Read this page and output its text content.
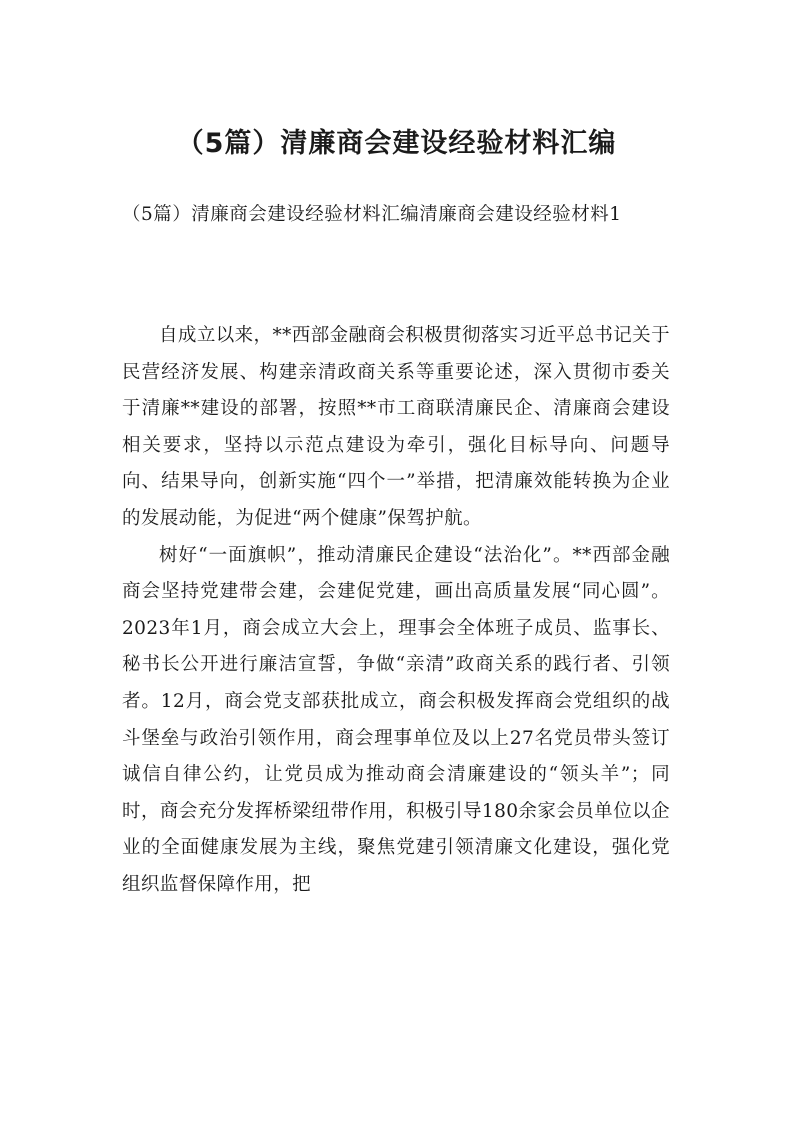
（5篇）清廉商会建设经验材料汇编

（5篇）清廉商会建设经验材料汇编清廉商会建设经验材料1

自成立以来，**西部金融商会积极贯彻落实习近平总书记关于民营经济发展、构建亲清政商关系等重要论述，深入贯彻市委关于清廉**建设的部署，按照**市工商联清廉民企、清廉商会建设相关要求，坚持以示范点建设为牵引，强化目标导向、问题导向、结果导向，创新实施“四个一”举措，把清廉效能转换为企业的发展动能，为促进“两个健康”保驾护航。

树好“一面旗帜”，推动清廉民企建设“法治化”。**西部金融商会坚持党建带会建，会建促党建，画出高质量发展“同心圆”。2023年1月，商会成立大会上，理事会全体班子成员、监事长、秘书长公开进行廉洁宣誓，争做“亲清”政商关系的践行者、引领者。12月，商会党支部获批成立，商会积极发挥商会党组织的战斗堡垒与政治引领作用，商会理事单位及以上27名党员带头签订诚信自律公约，让党员成为推动商会清廉建设的“领头羊”；同时，商会充分发挥桥梁纽带作用，积极引导180余家会员单位以企业的全面健康发展为主线，聚焦党建引领清廉文化建设，强化党组织监督保障作用，把
